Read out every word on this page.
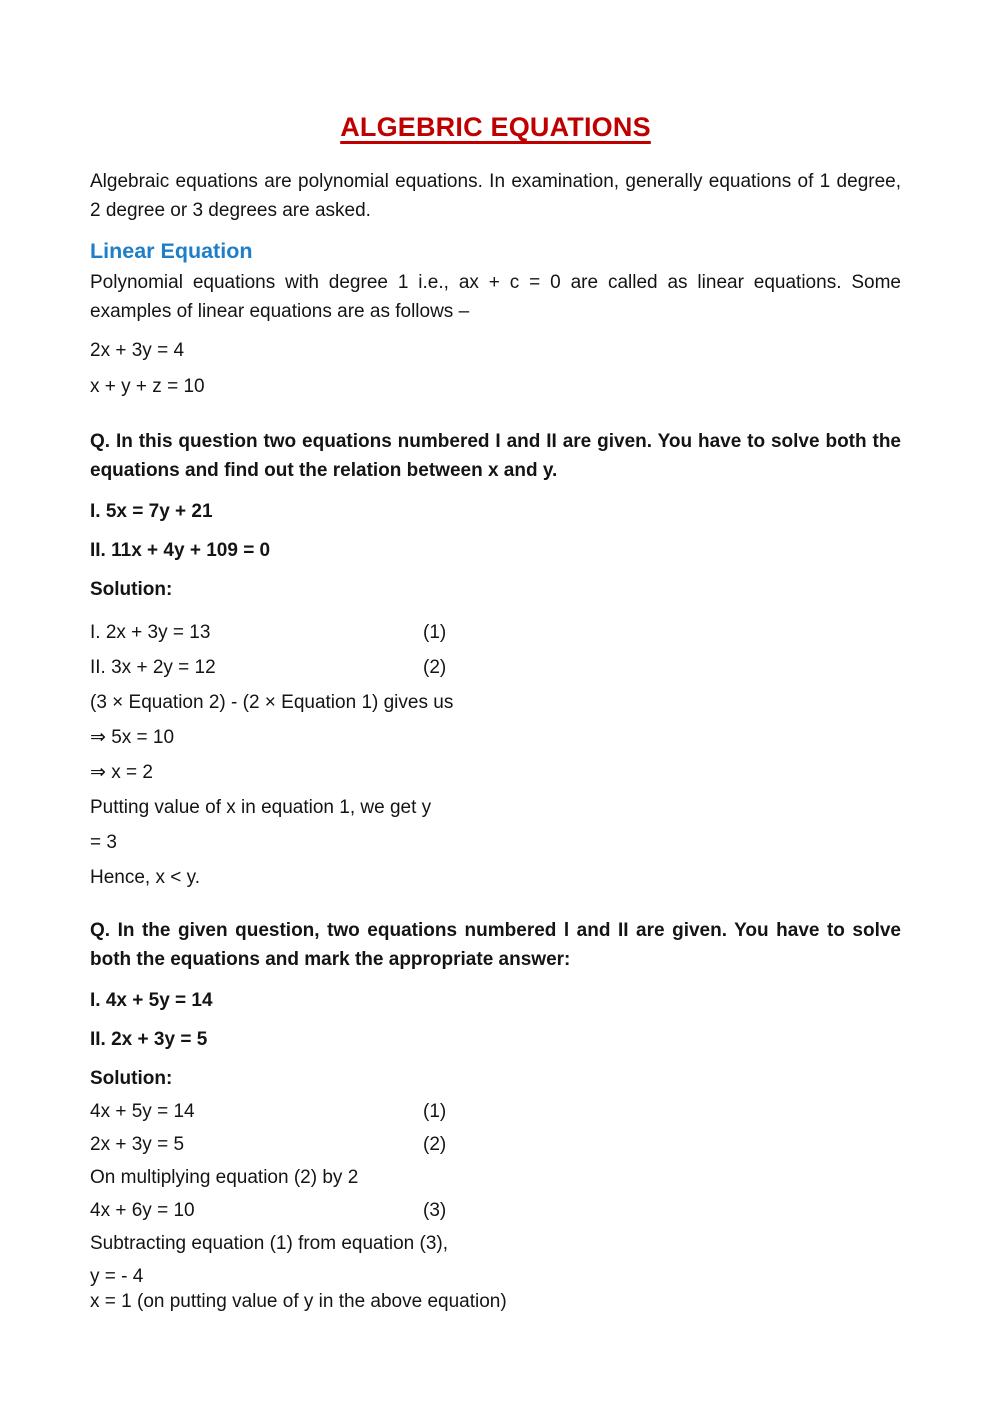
ALGEBRIC EQUATIONS

Algebraic equations are polynomial equations. In examination, generally equations of 1 degree, 2 degree or 3 degrees are asked.

Linear Equation

Polynomial equations with degree 1 i.e., ax + c = 0 are called as linear equations. Some examples of linear equations are as follows –

2x + 3y = 4

x + y + z = 10

Q. In this question two equations numbered I and II are given. You have to solve both the equations and find out the relation between x and y.

I. 5x = 7y + 21

II. 11x + 4y + 109 = 0

Solution:

I. 2x + 3y = 13	(1)
II. 3x + 2y = 12	(2)
(3 × Equation 2) - (2 × Equation 1) gives us
⇒ 5x = 10
⇒ x = 2
Putting value of x in equation 1, we get y
= 3
Hence, x < y.

Q. In the given question, two equations numbered l and II are given. You have to solve both the equations and mark the appropriate answer:

I. 4x + 5y = 14

II. 2x + 3y = 5

Solution:

4x + 5y = 14	(1)
2x + 3y = 5	(2)
On multiplying equation (2) by 2
4x + 6y = 10	(3)
Subtracting equation (1) from equation (3),
y = - 4
x = 1 (on putting value of y in the above equation)
